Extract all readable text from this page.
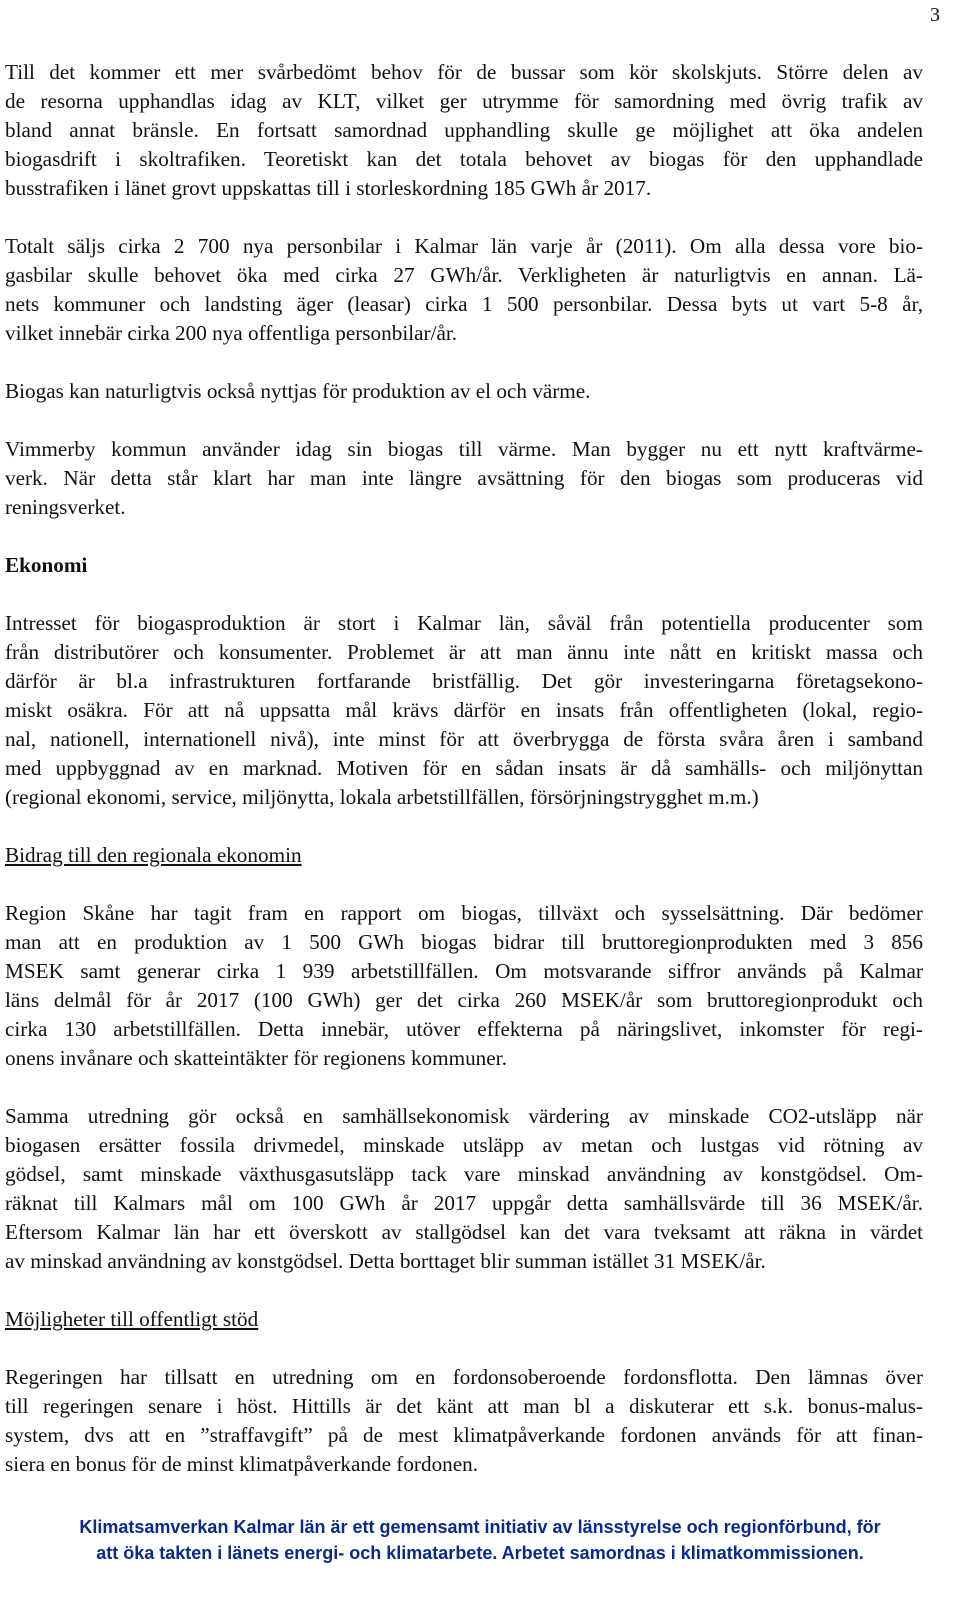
3
Till det kommer ett mer svårbedömt behov för de bussar som kör skolskjuts. Större delen av
de resorna upphandlas idag av KLT, vilket ger utrymme för samordning med övrig trafik av
bland annat bränsle. En fortsatt samordnad upphandling skulle ge möjlighet att öka andelen
biogasdrift i skoltrafiken. Teoretiskt kan det totala behovet av biogas för den upphandlade
busstrafiken i länet grovt uppskattas till i storleskordning 185 GWh år 2017.
Totalt säljs cirka 2 700 nya personbilar i Kalmar län varje år (2011). Om alla dessa vore bio-
gasbilar skulle behovet öka med cirka 27 GWh/år. Verkligheten är naturligtvis en annan. Lä-
nets kommuner och landsting äger (leasar) cirka 1 500 personbilar. Dessa byts ut vart 5-8 år,
vilket innebär cirka 200 nya offentliga personbilar/år.
Biogas kan naturligtvis också nyttjas för produktion av el och värme.
Vimmerby kommun använder idag sin biogas till värme. Man bygger nu ett nytt kraftvärme-
verk. När detta står klart har man inte längre avsättning för den biogas som produceras vid
reningsverket.
Ekonomi
Intresset för biogasproduktion är stort i Kalmar län, såväl från potentiella producenter som
från distributörer och konsumenter. Problemet är att man ännu inte nått en kritiskt massa och
därför är bl.a infrastrukturen fortfarande bristfällig. Det gör investeringarna företagsekono-
miskt osäkra. För att nå uppsatta mål krävs därför en insats från offentligheten (lokal, regio-
nal, nationell, internationell nivå), inte minst för att överbrygga de första svåra åren i samband
med uppbyggnad av en marknad. Motiven för en sådan insats är då samhälls- och miljönyttan
(regional ekonomi, service, miljönytta, lokala arbetstillfällen, försörjningstrygghet m.m.)
Bidrag till den regionala ekonomin
Region Skåne har tagit fram en rapport om biogas, tillväxt och sysselsättning. Där bedömer
man att en produktion av 1 500 GWh biogas bidrar till bruttoregionprodukten med 3 856
MSEK samt generar cirka 1 939 arbetstillfällen. Om motsvarande siffror används på Kalmar
läns delmål för år 2017 (100 GWh) ger det cirka 260 MSEK/år som bruttoregionprodukt och
cirka 130 arbetstillfällen. Detta innebär, utöver effekterna på näringslivet, inkomster för regi-
onens invånare och skatteintäkter för regionens kommuner.
Samma utredning gör också en samhällsekonomisk värdering av minskade CO2-utsläpp när
biogasen ersätter fossila drivmedel, minskade utsläpp av metan och lustgas vid rötning av
gödsel, samt minskade växthusgasutsläpp tack vare minskad användning av konstgödsel. Om-
räknat till Kalmars mål om 100 GWh år 2017 uppgår detta samhällsvärde till 36 MSEK/år.
Eftersom Kalmar län har ett överskott av stallgödsel kan det vara tveksamt att räkna in värdet
av minskad användning av konstgödsel. Detta borttaget blir summan istället 31 MSEK/år.
Möjligheter till offentligt stöd
Regeringen har tillsatt en utredning om en fordonsoberoende fordonsflotta. Den lämnas över
till regeringen senare i höst. Hittills är det känt att man bl a diskuterar ett s.k. bonus-malus-
system, dvs att en ”straffavgift” på de mest klimatpåverkande fordonen används för att finan-
siera en bonus för de minst klimatpåverkande fordonen.
Klimatsamverkan Kalmar län är ett gemensamt initiativ av länsstyrelse och regionförbund, för
att öka takten i länets energi- och klimatarbete. Arbetet samordnas i klimatkommissionen.
